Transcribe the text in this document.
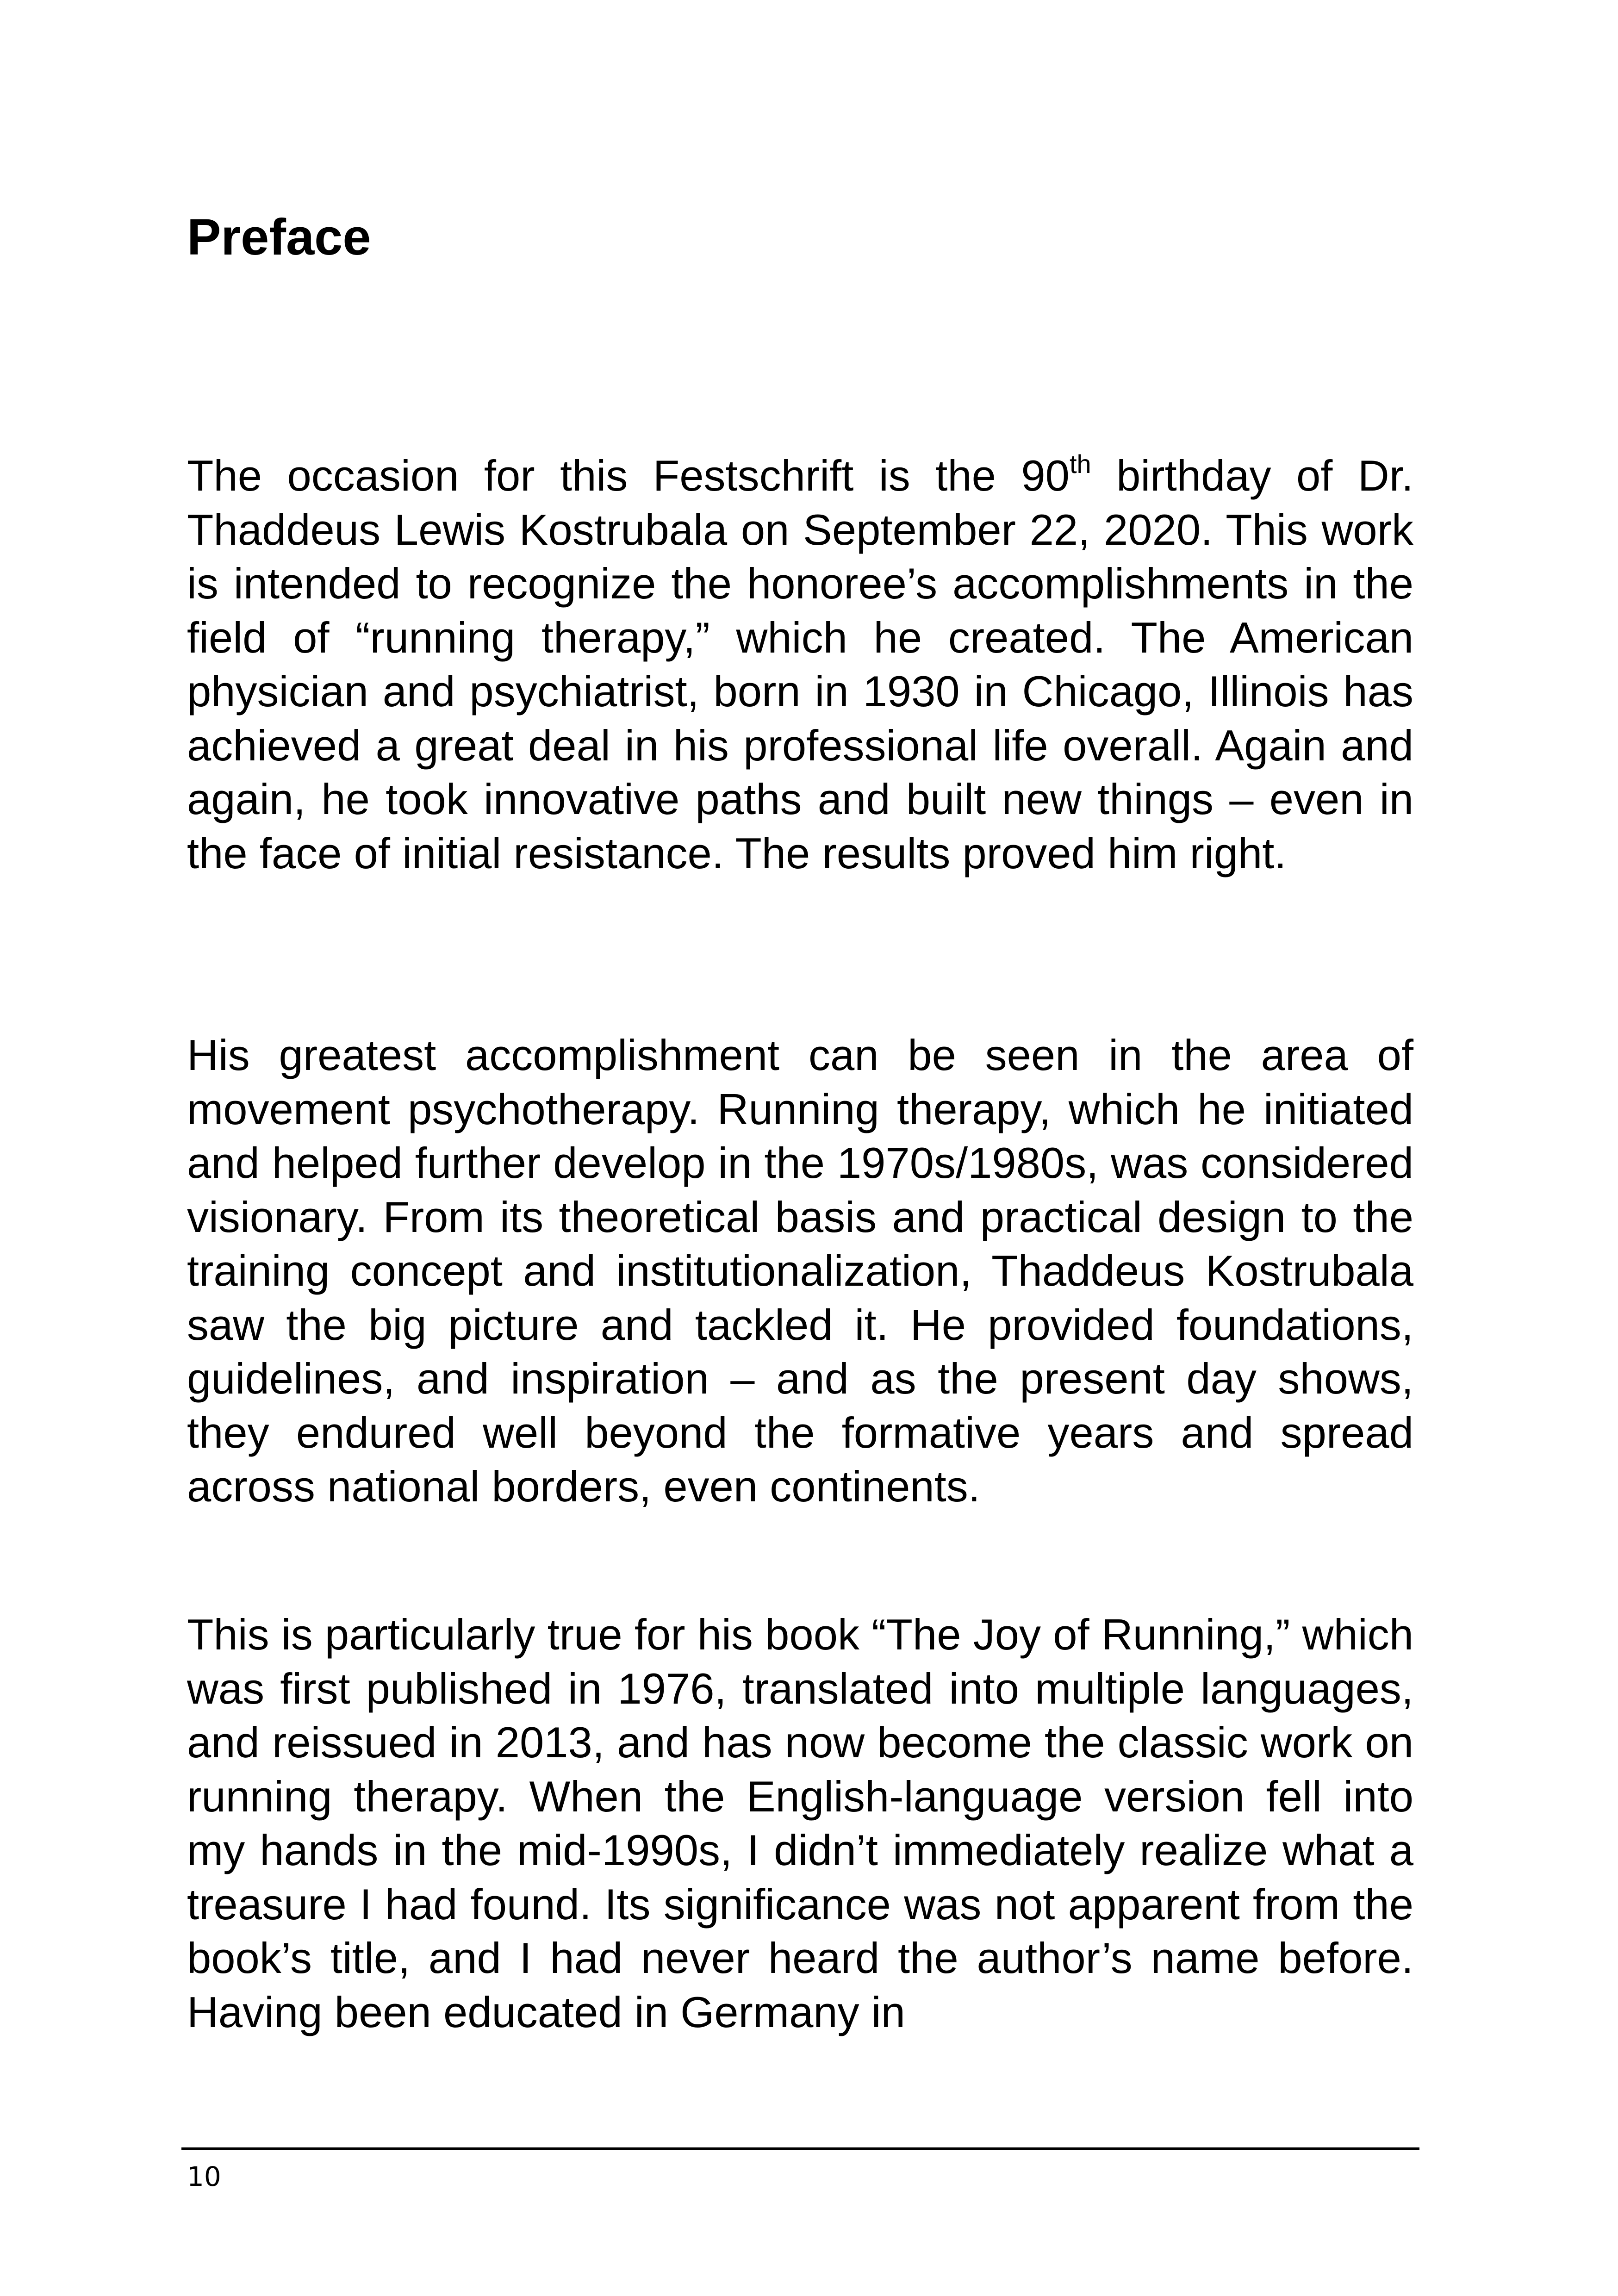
Preface

The occasion for this Festschrift is the 90th birthday of Dr. Thaddeus Lewis Kostrubala on September 22, 2020. This work is intended to recognize the honoree’s accomplishments in the field of “running therapy,” which he created. The American physician and psychiatrist, born in 1930 in Chicago, Illinois has achieved a great deal in his professional life overall. Again and again, he took innovative paths and built new things – even in the face of initial resistance. The results proved him right.

His greatest accomplishment can be seen in the area of movement psychotherapy. Running therapy, which he initiated and helped further develop in the 1970s/1980s, was considered visionary. From its theoretical basis and practical design to the training concept and institutionalization, Thaddeus Kostrubala saw the big picture and tackled it. He provided foundations, guidelines, and inspiration – and as the present day shows, they endured well beyond the formative years and spread across national borders, even continents.

This is particularly true for his book “The Joy of Running,” which was first published in 1976, translated into multiple languages, and reissued in 2013, and has now become the classic work on running therapy. When the English-language version fell into my hands in the mid-1990s, I didn’t immediately realize what a treasure I had found. Its significance was not apparent from the book’s title, and I had never heard the author’s name before. Having been educated in Germany in

10
